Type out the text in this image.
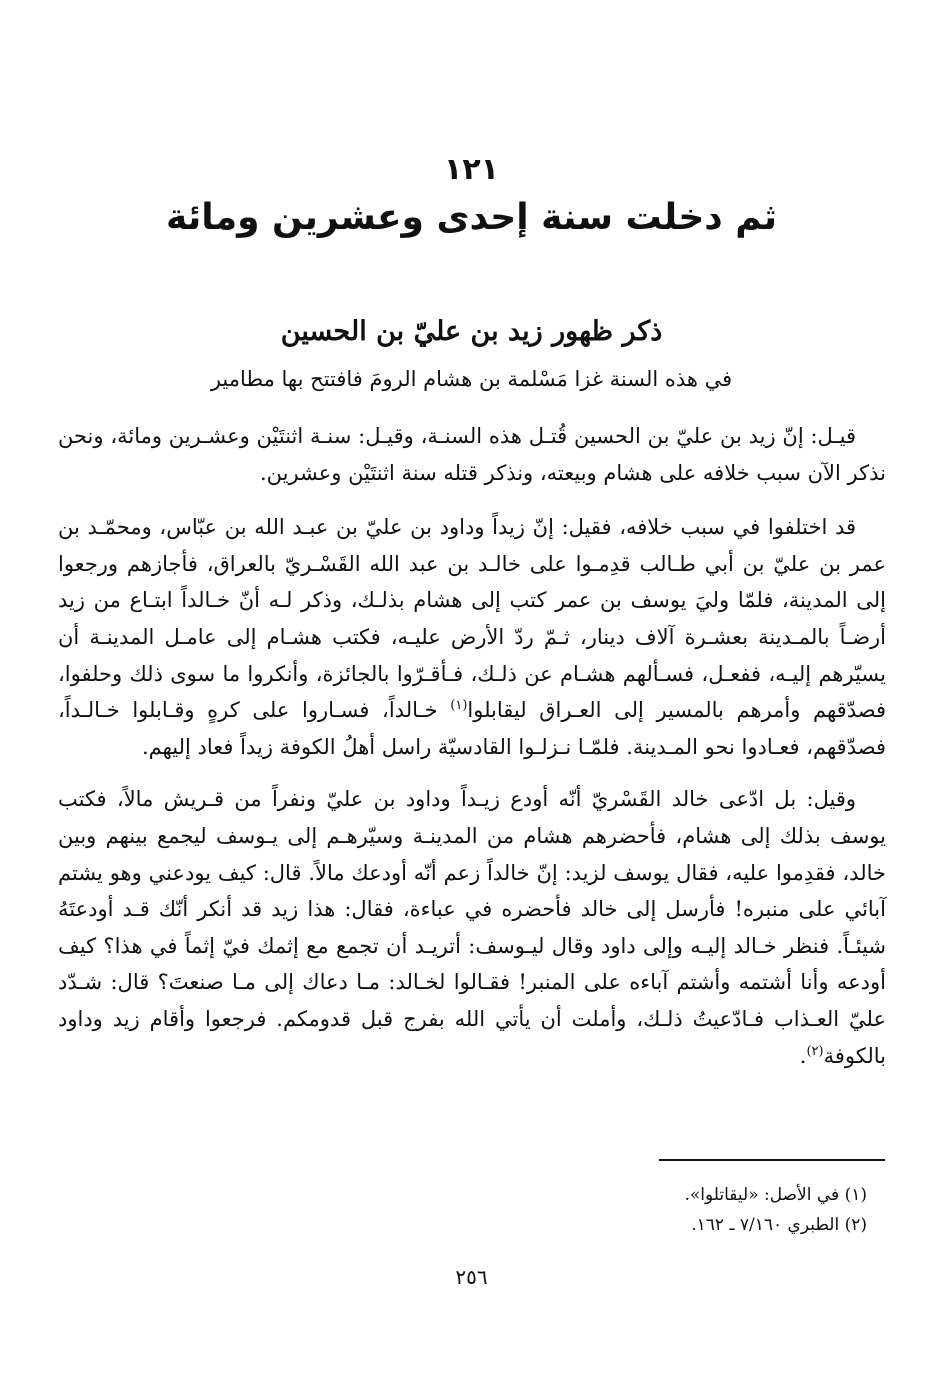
١٢١
ثم دخلت سنة إحدى وعشرين ومائة
ذكر ظهور زيد بن عليّ بن الحسين
في هذه السنة غزا مَسْلمة بن هشام الرومَ فافتتح بها مطامير

قيـل: إنّ زيد بن عليّ بن الحسين قُتـل هذه السنـة، وقيـل: سنـة اثنتَيْن وعشـرين ومائة، ونحن نذكر الآن سبب خلافه على هشام وبيعته، ونذكر قتله سنة اثنتَيْن وعشرين.

قد اختلفوا في سبب خلافه، فقيل: إنّ زيداً وداود بن عليّ بن عبـد الله بن عبّاس، ومحمّـد بن عمر بن عليّ بن أبي طـالب قدِمـوا على خالـد بن عبد الله القَسْـريّ بالعراق، فأجازهم ورجعوا إلى المدينة، فلمّا وليَ يوسف بن عمر كتب إلى هشام بذلـك، وذكر لـه أنّ خـالداً ابتـاع من زيد أرضـاً بالمـدينة بعشـرة آلاف دينار، ثـمّ ردّ الأرض عليـه، فكتب هشـام إلى عامـل المدينـة أن يسيّرهم إليـه، ففعـل، فسـألهم هشـام عن ذلـك، فـأقـرّوا بالجائزة، وأنكروا ما سوى ذلك وحلفوا، فصدّقهم وأمرهم بالمسير إلى العـراق ليقابلوا$^{(١)}$ خـالداً، فسـاروا على كرهٍ وقـابلوا خـالـداً، فصدّقهم، فعـادوا نحو المـدينة. فلمّـا نـزلـوا القادسيّة راسل أهلُ الكوفة زيداً فعاد إليهم.

وقيل: بل ادّعى خالد القَسْريّ أنّه أودع زيـداً وداود بن عليّ ونفراً من قـريش مالاً، فكتب يوسف بذلك إلى هشام، فأحضرهم هشام من المدينـة وسيّرهـم إلى يـوسف ليجمع بينهم وبين خالد، فقدِموا عليه، فقال يوسف لزيد: إنّ خالداً زعم أنّه أودعك مالاً. قال: كيف يودعني وهو يشتم آبائي على منبره! فأرسل إلى خالد فأحضره في عباءة، فقال: هذا زيد قد أنكر أنّك قـد أودعتَهُ شيئـاً. فنظر خـالد إليـه وإلى داود وقال ليـوسف: أتريـد أن تجمع مع إثمك فيّ إثماً في هذا؟ كيف أودعه وأنا أشتمه وأشتم آباءه على المنبر! فقـالوا لخـالد: مـا دعاك إلى مـا صنعتَ؟ قال: شـدّد عليّ العـذاب فـادّعيتُ ذلـك، وأملت أن يأتي الله بفرج قبل قدومكم. فرجعوا وأقام زيد وداود بالكوفة$^{(٢)}$.

(١) في الأصل: «ليقاتلوا».
(٢) الطبري ٧/١٦٠ ـ ١٦٢.
٢٥٦
